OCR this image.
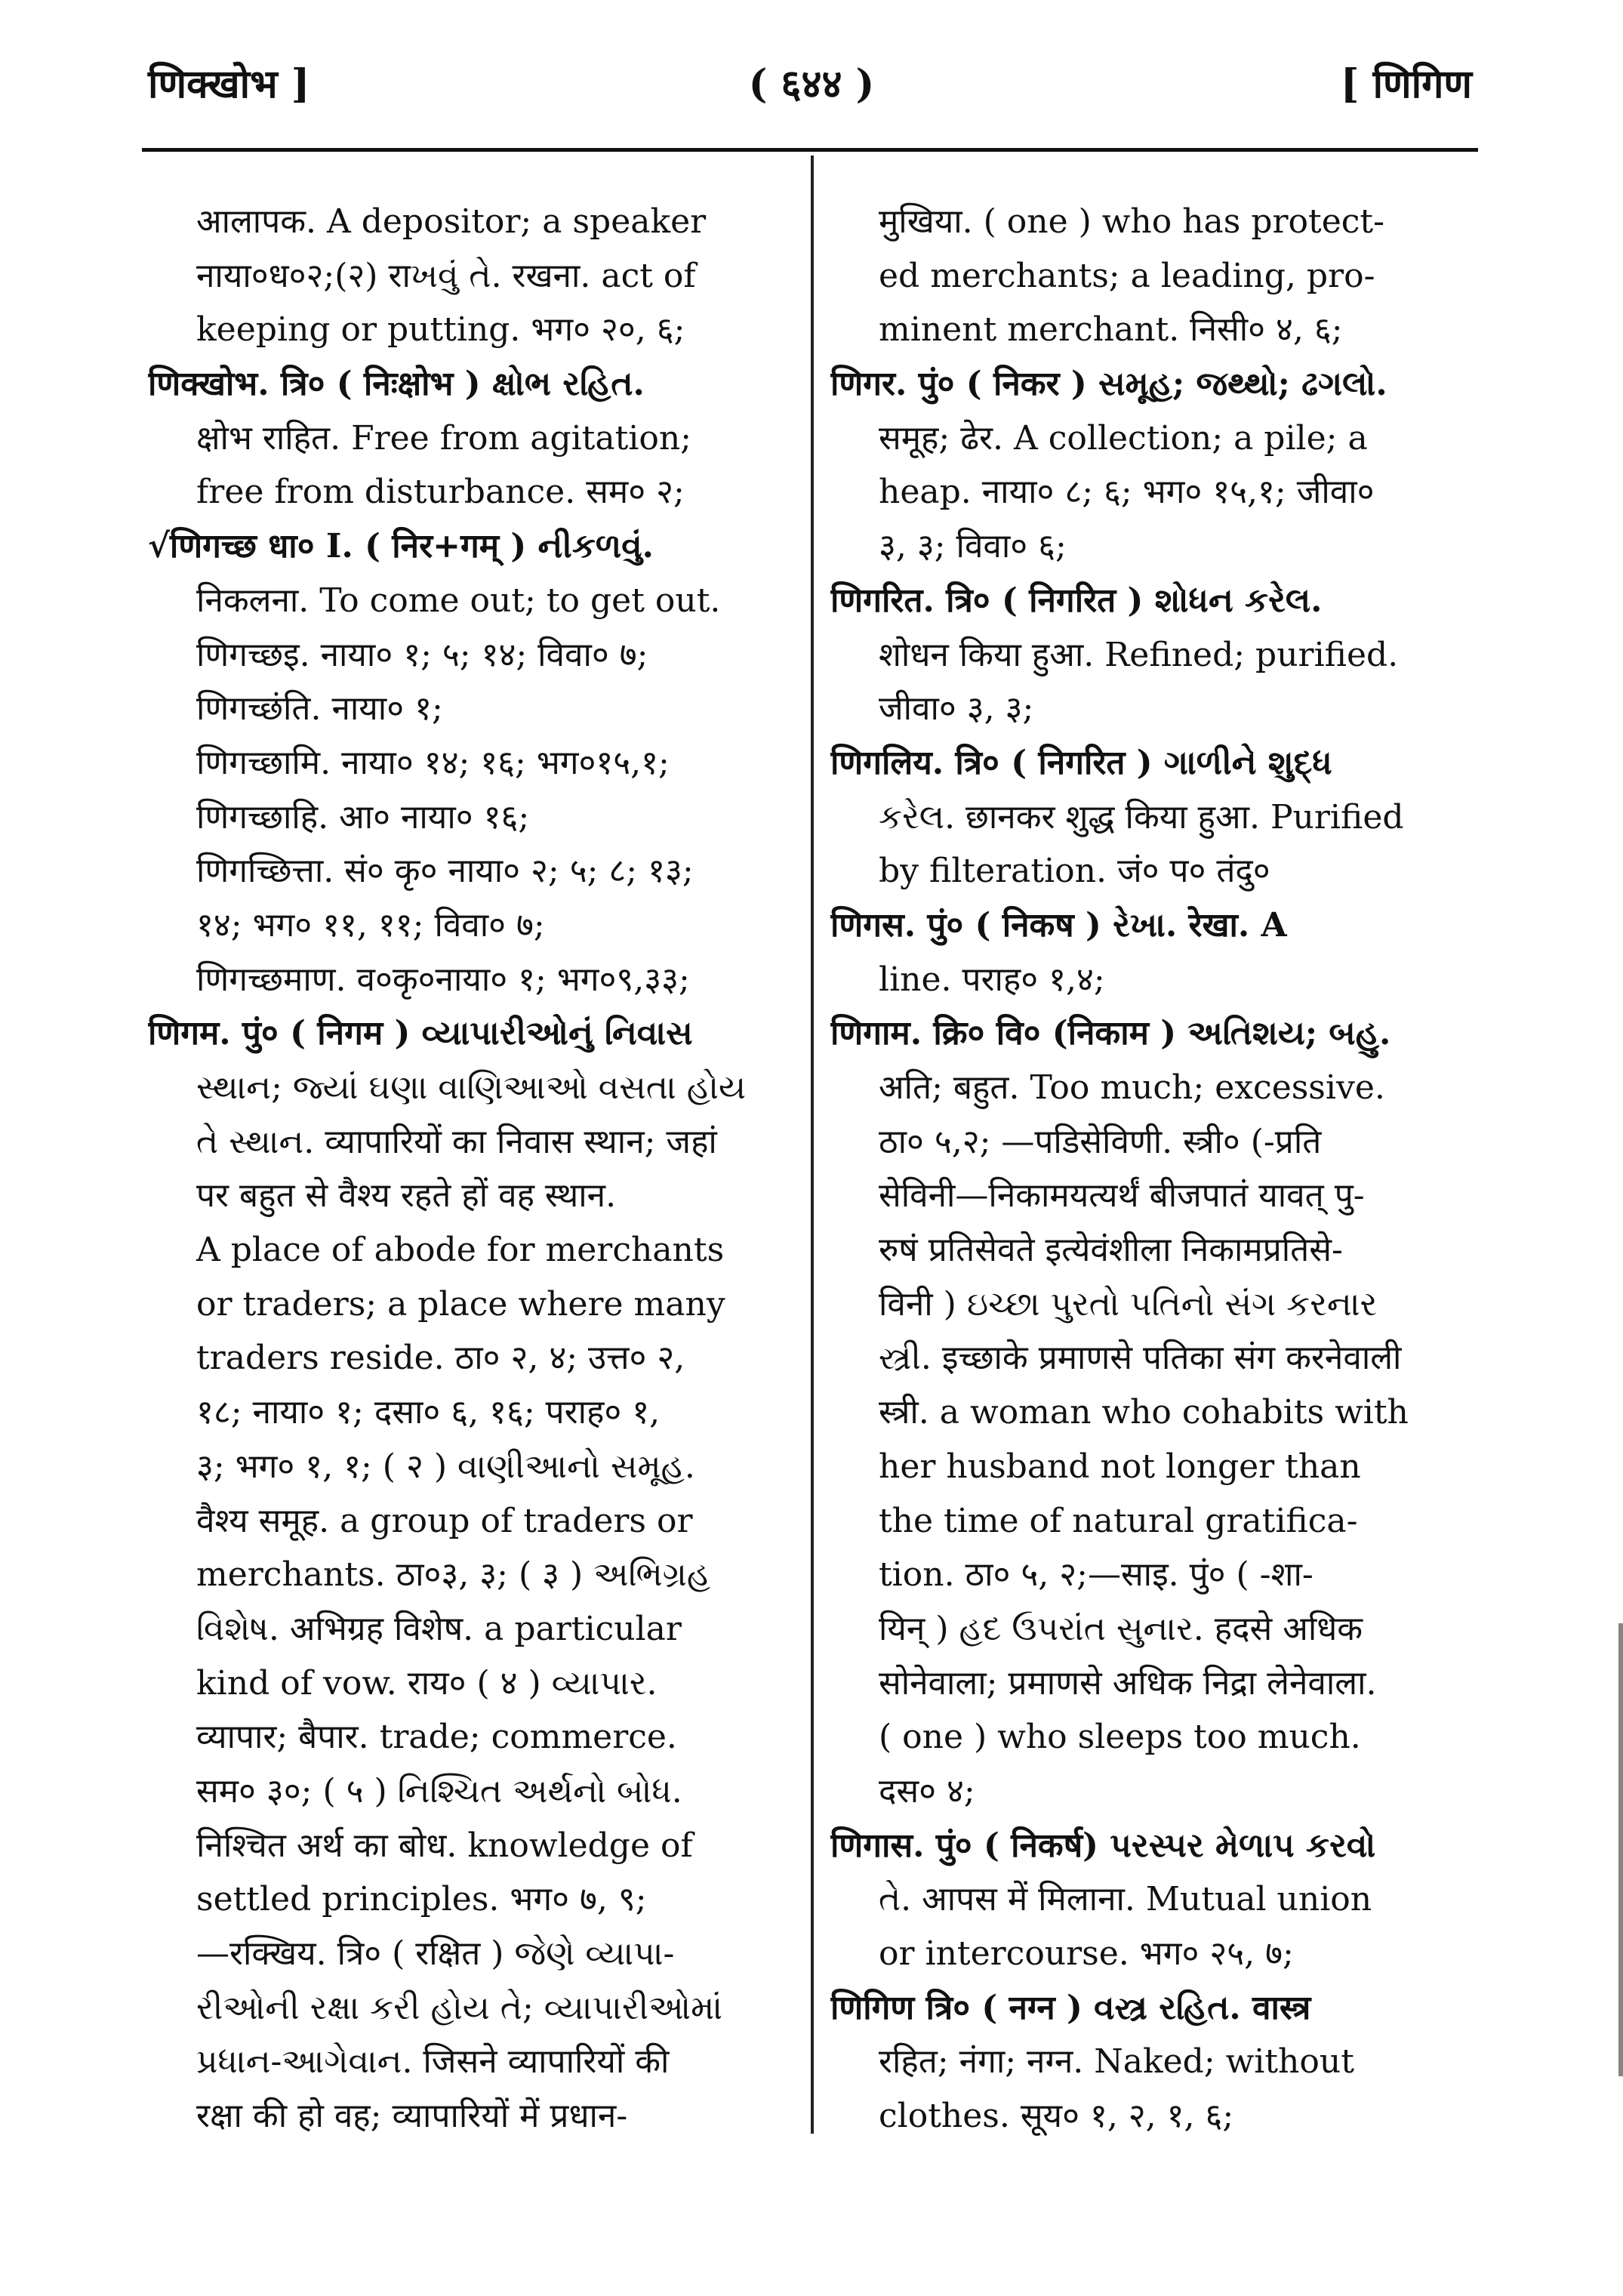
णिक्खोभ ]	( ६४४ )	[ णिगिण
आलापक. A depositor; a speaker
नाया०ध०२;(२) राખવું તે. रखना. act of
keeping or putting. भग० २०, ६;
णिक्खोभ. त्रि० ( निःक्षोभ ) ક્ષોભ રહિત.
क्षोभ राहित. Free from agitation;
free from disturbance. सम० २;
√णिगच्छ धा० I. ( निर+गम् ) નીકળવું.
निकलना. To come out; to get out.
णिगच्छइ. नाया० १; ५; १४; विवा० ७;
णिगच्छंति. नाया० १;
णिगच्छामि. नाया० १४; १६; भग०१५,१;
णिगच्छाहि. आ० नाया० १६;
णिगच्छित्ता. सं० कृ० नाया० २; ५; ८; १३;
१४; भग० ११, ११; विवा० ७;
णिगच्छमाण. व०कृ०नाया० १; भग०९,३३;
णिगम. पुं० ( निगम ) વ્યાપારીઓનું નિવાસ
સ્થાન; જ્યાં ઘણા વાણિઆઓ વસતા હોય
તે સ્થાન. व्यापारियों का निवास स्थान; जहां
पर बहुत से वैश्य रहते हों वह स्थान.
A place of abode for merchants
or traders; a place where many
traders reside. ठा० २, ४; उत्त० २,
१८; नाया० १; दसा० ६, १६; पराह० १,
३; भग० १, १; ( २ ) વાણીઆનો સમૂહ.
वैश्य समूह. a group of traders or
merchants. ठा०३, ३; ( ३ ) અભિગ્રહ
વિશેષ. अभिग्रह विशेष. a particular
kind of vow. राय० ( ४ ) વ્યાપાર.
व्यापार; बैपार. trade; commerce.
सम० ३०; ( ५ ) નિશ્ચિત અર્થનો બોધ.
निश्चित अर्थ का बोध. knowledge of
settled principles. भग० ७, ९;
—रक्खिय. त्रि० ( रक्षित ) જેણે વ્યાપા-
રીઓની રક્ષા કરી હોય તે; વ્યાપારીઓમાં
પ્રધાન-આગેવાન. जिसने व्यापारियों की
रक्षा की हो वह; व्यापारियों में प्रधान-
मुखिया. ( one ) who has protect-
ed merchants; a leading, pro-
minent merchant. निसी० ४, ६;
णिगर. पुं० ( निकर ) સમૂહ; જથ્થો; ઢગલો.
समूह; ढेर. A collection; a pile; a
heap. नाया० ८; ६; भग० १५,१; जीवा०
३, ३; विवा० ६;
णिगरित. त्रि० ( निगरित ) શોધન કરેલ.
शोधन किया हुआ. Refined; purified.
जीवा० ३, ३;
णिगलिय. त्रि० ( निगरित ) ગાળીને શુદ્ધ
કરેલ. छानकर शुद्ध किया हुआ. Purified
by filteration. जं० प० तंदु०
णिगस. पुं० ( निकष ) રેખા. रेखा. A
line. पराह० १,४;
णिगाम. क्रि० वि० (निकाम ) અતિશય; બહુ.
अति; बहुत. Too much; excessive.
ठा० ५,२; —पडिसेविणी. स्त्री० (-प्रति
सेविनी—निकामयत्यर्थं बीजपातं यावत् पु-
रुषं प्रतिसेवते इत्येवंशीला निकामप्रतिसे-
विनी ) ઇચ્છા પુરતો પતિનો સંગ કરનાર
સ્ત્રી. इच्छाके प्रमाणसे पतिका संग करनेवाली
स्त्री. a woman who cohabits with
her husband not longer than
the time of natural gratifica-
tion. ठा० ५, २;—साइ. पुं० ( -शा-
यिन् ) હદ ઉપરાંત સુનાર. हदसे अधिक
सोनेवाला; प्रमाणसे अधिक निद्रा लेनेवाला.
( one ) who sleeps too much.
दस० ४;
णिगास. पुं० ( निकर्ष) પરસ્પર મેળાપ કરવો
તે. आपस में मिलाना. Mutual union
or intercourse. भग० २५, ७;
णिगिण त्रि० ( नग्न ) વસ્ત્ર રહિત. वास्त्र
रहित; नंगा; नग्न. Naked; without
clothes. सूय० १, २, १, ६;
